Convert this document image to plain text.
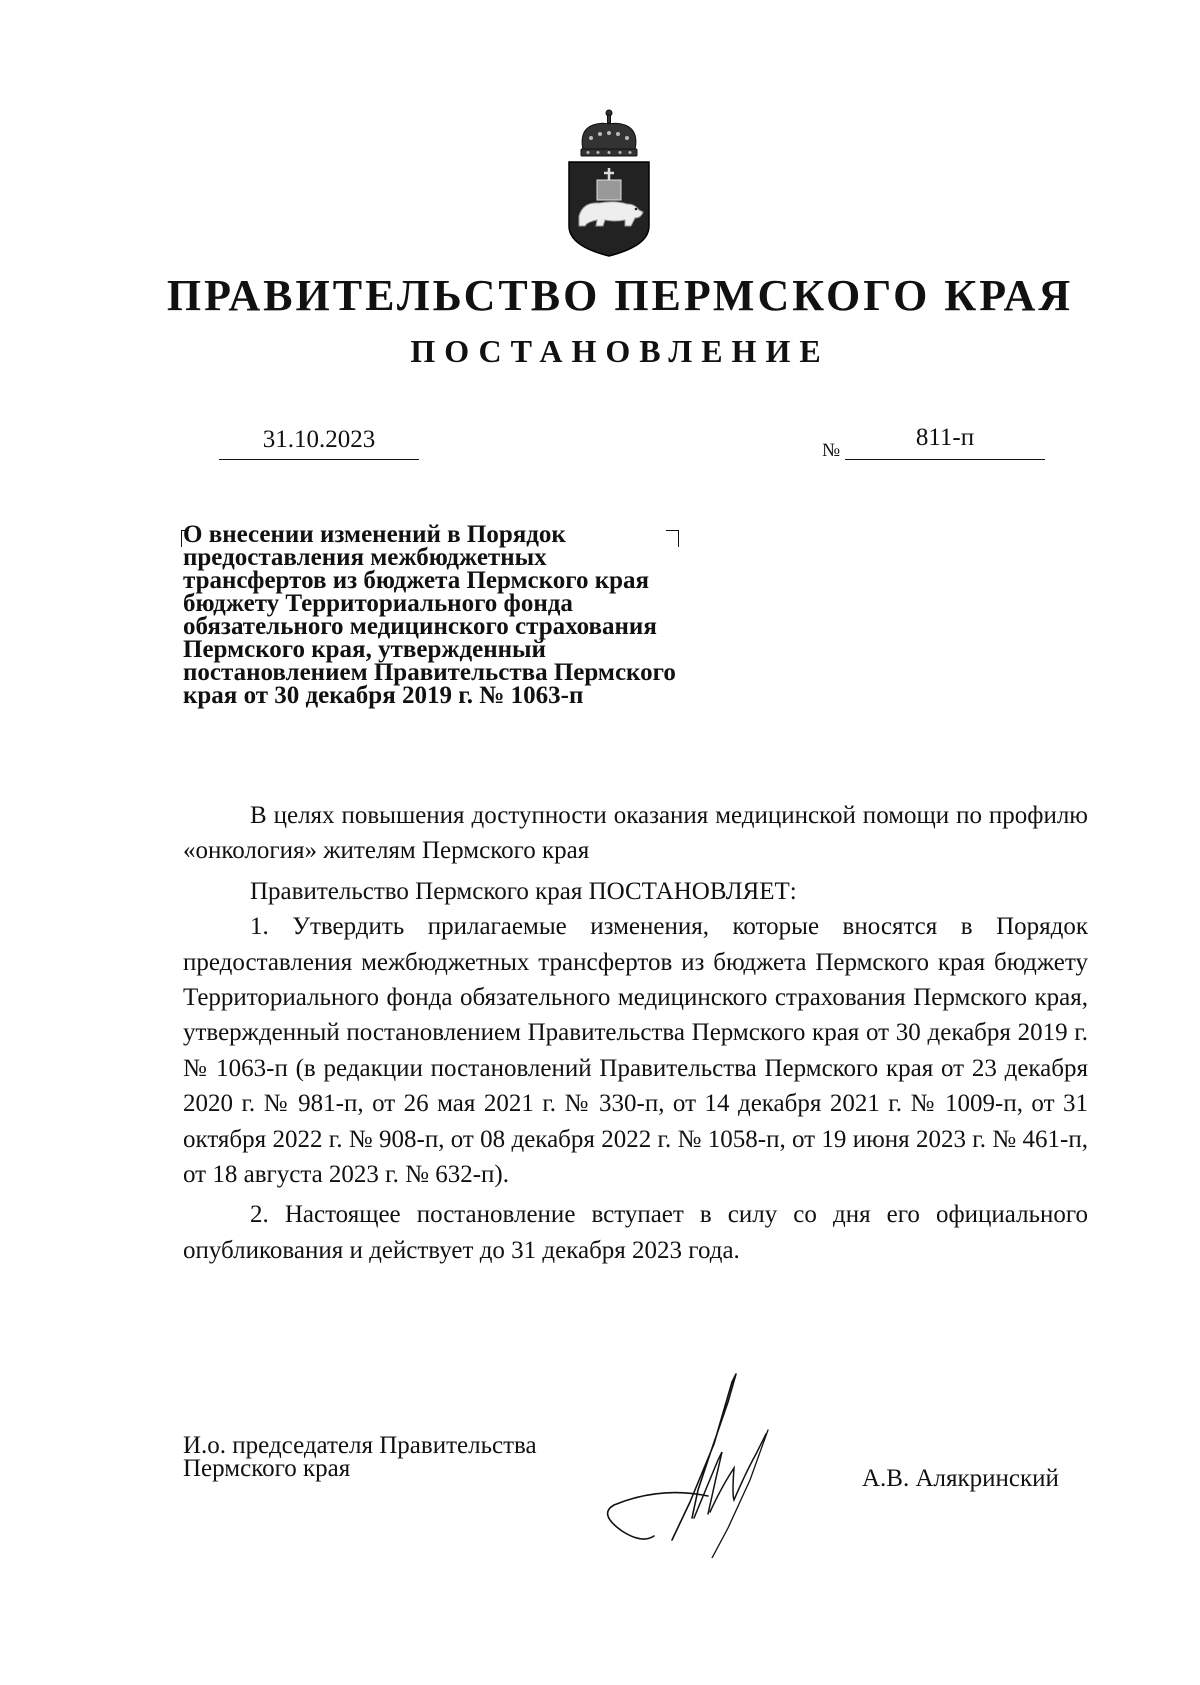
ПРАВИТЕЛЬСТВО ПЕРМСКОГО КРАЯ
ПОСТАНОВЛЕНИЕ
31.10.2023	№	811-п
О внесении изменений в Порядок
предоставления межбюджетных
трансфертов из бюджета Пермского края
бюджету Территориального фонда
обязательного медицинского страхования
Пермского края, утвержденный
постановлением Правительства Пермского
края от 30 декабря 2019 г. № 1063-п

В целях повышения доступности оказания медицинской помощи по профилю «онкология» жителям Пермского края

Правительство Пермского края ПОСТАНОВЛЯЕТ:

1. Утвердить прилагаемые изменения, которые вносятся в Порядок предоставления межбюджетных трансфертов из бюджета Пермского края бюджету Территориального фонда обязательного медицинского страхования Пермского края, утвержденный постановлением Правительства Пермского края от 30 декабря 2019 г. № 1063-п (в редакции постановлений Правительства Пермского края от 23 декабря 2020 г. № 981-п, от 26 мая 2021 г. № 330-п, от 14 декабря 2021 г. № 1009-п, от 31 октября 2022 г. № 908-п, от 08 декабря 2022 г. № 1058-п, от 19 июня 2023 г. № 461-п, от 18 августа 2023 г. № 632-п).

2. Настоящее постановление вступает в силу со дня его официального опубликования и действует до 31 декабря 2023 года.

И.о. председателя Правительства
Пермского края	А.В. Алякринский
